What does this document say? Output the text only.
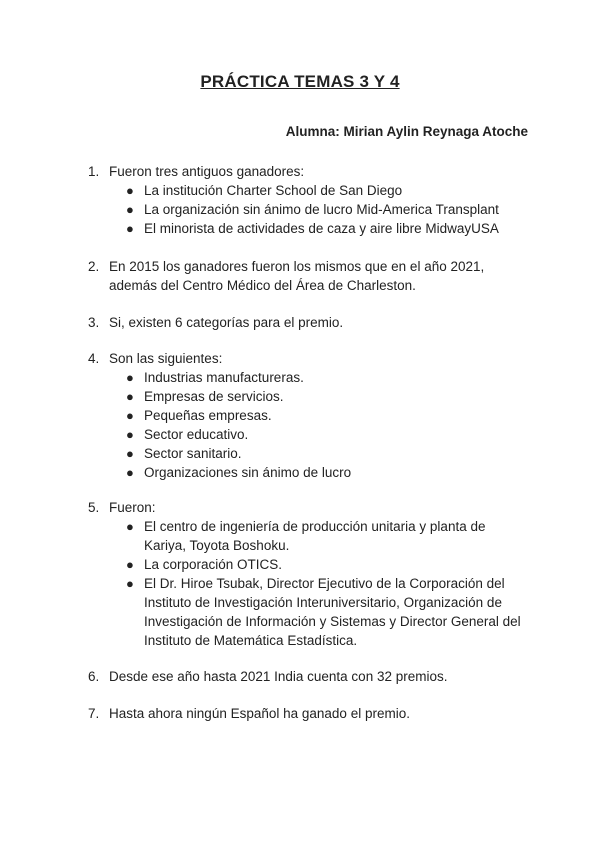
PRÁCTICA TEMAS 3 Y 4
Alumna: Mirian Aylin Reynaga Atoche
1. Fueron tres antiguos ganadores:
● La institución Charter School de San Diego
● La organización sin ánimo de lucro Mid-America Transplant
● El minorista de actividades de caza y aire libre MidwayUSA
2. En 2015 los ganadores fueron los mismos que en el año 2021, además del Centro Médico del Área de Charleston.
3. Si, existen 6 categorías para el premio.
4. Son las siguientes:
● Industrias manufactureras.
● Empresas de servicios.
● Pequeñas empresas.
● Sector educativo.
● Sector sanitario.
● Organizaciones sin ánimo de lucro
5. Fueron:
● El centro de ingeniería de producción unitaria y planta de Kariya, Toyota Boshoku.
● La corporación OTICS.
● El Dr. Hiroe Tsubak, Director Ejecutivo de la Corporación del Instituto de Investigación Interuniversitario, Organización de Investigación de Información y Sistemas y Director General del Instituto de Matemática Estadística.
6. Desde ese año hasta 2021 India cuenta con 32 premios.
7. Hasta ahora ningún Español ha ganado el premio.
